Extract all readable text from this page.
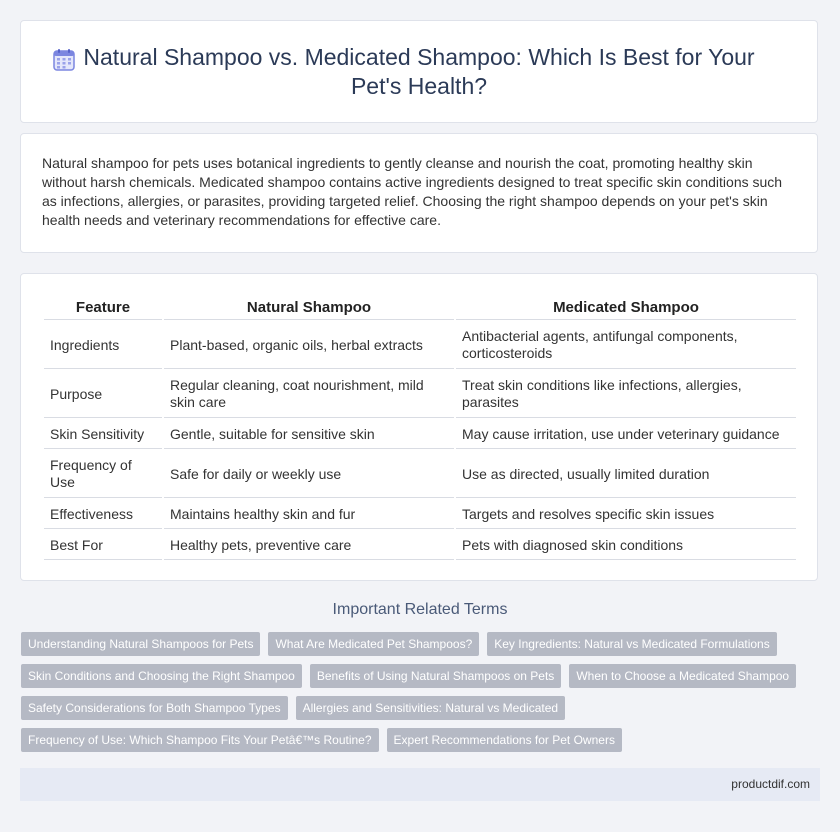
Natural Shampoo vs. Medicated Shampoo: Which Is Best for Your Pet's Health?

Natural shampoo for pets uses botanical ingredients to gently cleanse and nourish the coat, promoting healthy skin without harsh chemicals. Medicated shampoo contains active ingredients designed to treat specific skin conditions such as infections, allergies, or parasites, providing targeted relief. Choosing the right shampoo depends on your pet's skin health needs and veterinary recommendations for effective care.

Feature	Natural Shampoo	Medicated Shampoo
Ingredients	Plant-based, organic oils, herbal extracts	Antibacterial agents, antifungal components, corticosteroids
Purpose	Regular cleaning, coat nourishment, mild skin care	Treat skin conditions like infections, allergies, parasites
Skin Sensitivity	Gentle, suitable for sensitive skin	May cause irritation, use under veterinary guidance
Frequency of Use	Safe for daily or weekly use	Use as directed, usually limited duration
Effectiveness	Maintains healthy skin and fur	Targets and resolves specific skin issues
Best For	Healthy pets, preventive care	Pets with diagnosed skin conditions
Important Related Terms
Understanding Natural Shampoos for Pets	What Are Medicated Pet Shampoos?	Key Ingredients: Natural vs Medicated Formulations
Skin Conditions and Choosing the Right Shampoo	Benefits of Using Natural Shampoos on Pets	When to Choose a Medicated Shampoo
Safety Considerations for Both Shampoo Types	Allergies and Sensitivities: Natural vs Medicated
Frequency of Use: Which Shampoo Fits Your Petâ€™s Routine?	Expert Recommendations for Pet Owners
productdif.com
